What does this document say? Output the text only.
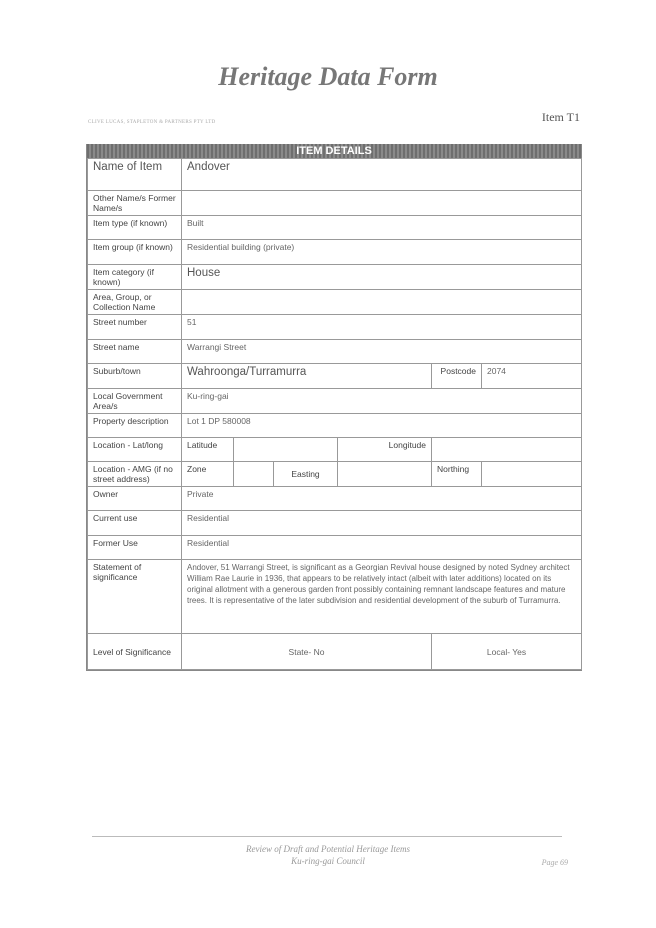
Heritage Data Form
CLIVE LUCAS, STAPLETON & PARTNERS PTY LTD	Item T1
ITEM DETAILS
Name of Item	Andover					
Other Name/s Former Name/s						
Item type (if known)	Built					
Item group (if known)	Residential building (private)					
Item category (if known)	House					
Area, Group, or Collection Name						
Street number	51					
Street name	Warrangi Street					
Suburb/town	Wahroonga/Turramurra				Postcode	2074
Local Government Area/s	Ku-ring-gai					
Property description	Lot 1 DP 580008					
Location - Lat/long	Latitude			Longitude		
Location - AMG (if no street address)	Zone		Easting		Northing	
Owner	Private					
Current use	Residential					
Former Use	Residential					
Statement of significance	Andover, 51 Warrangi Street, is significant as a Georgian Revival house designed by noted Sydney architect William Rae Laurie in 1936, that appears to be relatively intact (albeit with later additions) located on its original allotment with a generous garden front possibly containing remnant landscape features and mature trees. It is representative of the later subdivision and residential development of the suburb of Turramurra.					
Level of Significance	State- No				Local- Yes	
Review of Draft and Potential Heritage Items
Ku-ring-gai Council	Page 69
